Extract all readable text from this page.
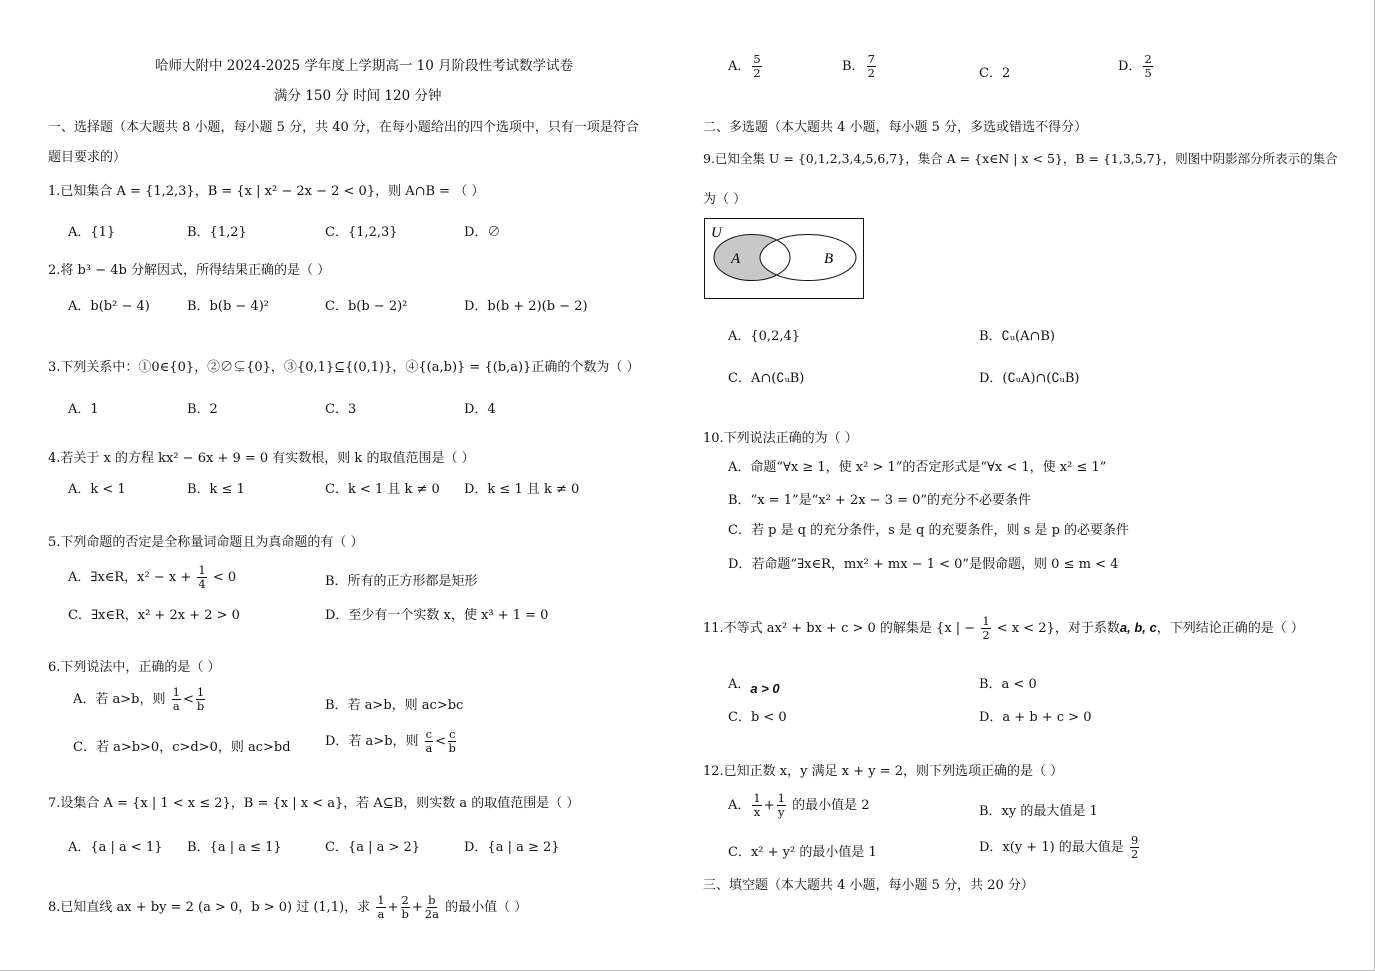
哈师大附中 2024-2025 学年度上学期高一 10 月阶段性考试数学试卷
满分 150 分 时间 120 分钟
一、选择题（本大题共 8 小题，每小题 5 分，共 40 分，在每小题给出的四个选项中，只有一项是符合
题目要求的）
1.已知集合 A = {1,2,3}，B = {x | x² − 2x − 2 < 0}，则 A∩B = （ ）
A．{1}	B．{1,2}	C．{1,2,3}	D．∅
2.将 b³ − 4b 分解因式，所得结果正确的是（ ）
A．b(b² − 4)	B．b(b − 4)²	C．b(b − 2)²	D．b(b + 2)(b − 2)
3.下列关系中：①0∈{0}，②∅⊊{0}，③{0,1}⊆{(0,1)}，④{(a,b)} = {(b,a)}正确的个数为（ ）
A．1	B．2	C．3	D．4
4.若关于 x 的方程 kx² − 6x + 9 = 0 有实数根，则 k 的取值范围是（ ）
A．k < 1	B．k ≤ 1	C．k < 1 且 k ≠ 0 D．k ≤ 1 且 k ≠ 0
5.下列命题的否定是全称量词命题且为真命题的有（ ）
A．∃x∈R，$x^2 - x + \frac{1}{4} < 0$	B．所有的正方形都是矩形
C．∃x∈R，x² + 2x + 2 > 0	D．至少有一个实数 x，使 x³ + 1 = 0
6.下列说法中，正确的是（ ）
A．若 a>b，则 $\frac{1}{a} < \frac{1}{b}$	B．若 a>b，则 ac>bc
C．若 a>b>0，c>d>0，则 ac>bd	D．若 a>b，则 $\frac{c}{a} < \frac{c}{b}$
7.设集合 A = {x | 1 < x ≤ 2}，B = {x | x < a}，若 A⊆B，则实数 a 的取值范围是（ ）
A．{a | a < 1} B．{a | a ≤ 1}	C．{a | a > 2}	D．{a | a ≥ 2}
8.已知直线 ax + by = 2 (a > 0，b > 0) 过 (1,1)，求 $\frac{1}{a} + \frac{2}{b} + \frac{b}{2a}$ 的最小值（ ）
A． $\frac{5}{2}$	B． $\frac{7}{2}$	C．2	D． $\frac{2}{5}$
二、多选题（本大题共 4 小题，每小题 5 分，多选或错选不得分）
9.已知全集 U = {0,1,2,3,4,5,6,7}，集合 A = {x∈N | x < 5}，B = {1,3,5,7}，则图中阴影部分所表示的集合
为（ ）
U
A	B
A．{0,2,4}	B．∁ᵤ(A∩B)
C．A∩(∁ᵤB)	D．(∁ᵤA)∩(∁ᵤB)
10.下列说法正确的为（ ）
A．命题“∀x ≥ 1，使 x² > 1”的否定形式是“∀x < 1，使 x² ≤ 1”
B．“x = 1”是“x² + 2x − 3 = 0”的充分不必要条件
C．若 p 是 q 的充分条件，s 是 q 的充要条件，则 s 是 p 的必要条件
D．若命题“∃x∈R，mx² + mx − 1 < 0”是假命题，则 0 ≤ m < 4
11.不等式 ax² + bx + c > 0 的解集是 {x | − $\frac{1}{2} < x < 2$}，对于系数a, b, c，下列结论正确的是（ ）
A．a > 0	B．a < 0
C．b < 0	D．a + b + c > 0
12.已知正数 x，y 满足 x + y = 2，则下列选项正确的是（ ）
A． $\frac{1}{x} + \frac{1}{y}$ 的最小值是 2	B．xy 的最大值是 1
C．x² + y² 的最小值是 1	D．x(y + 1) 的最大值是 $\frac{9}{2}$
三、填空题（本大题共 4 小题，每小题 5 分，共 20 分）
